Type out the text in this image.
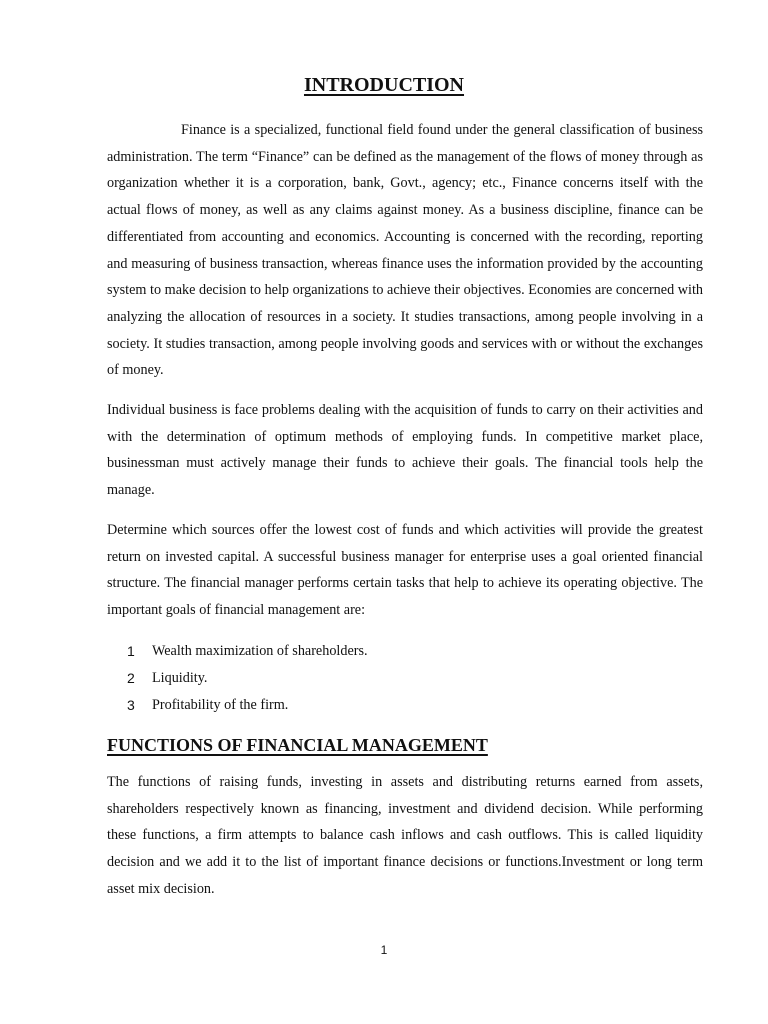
INTRODUCTION

Finance is a specialized, functional field found under the general classification of business administration. The term “Finance” can be defined as the management of the flows of money through as organization whether it is a corporation, bank, Govt., agency; etc., Finance concerns itself with the actual flows of money, as well as any claims against money. As a business discipline, finance can be differentiated from accounting and economics. Accounting is concerned with the recording, reporting and measuring of business transaction, whereas finance uses the information provided by the accounting system to make decision to help organizations to achieve their objectives. Economies are concerned with analyzing the allocation of resources in a society. It studies transactions, among people involving in a society. It studies transaction, among people involving goods and services with or without the exchanges of money.

Individual business is face problems dealing with the acquisition of funds to carry on their activities and with the determination of optimum methods of employing funds. In competitive market place, businessman must actively manage their funds to achieve their goals. The financial tools help the manage.

Determine which sources offer the lowest cost of funds and which activities will provide the greatest return on invested capital. A successful business manager for enterprise uses a goal oriented financial structure. The financial manager performs certain tasks that help to achieve its operating objective. The important goals of financial management are:

1	Wealth maximization of shareholders.
2	Liquidity.
3	Profitability of the firm.
FUNCTIONS OF FINANCIAL MANAGEMENT

The functions of raising funds, investing in assets and distributing returns earned from assets, shareholders respectively known as financing, investment and dividend decision. While performing these functions, a firm attempts to balance cash inflows and cash outflows. This is called liquidity decision and we add it to the list of important finance decisions or functions.Investment or long term asset mix decision.

1
